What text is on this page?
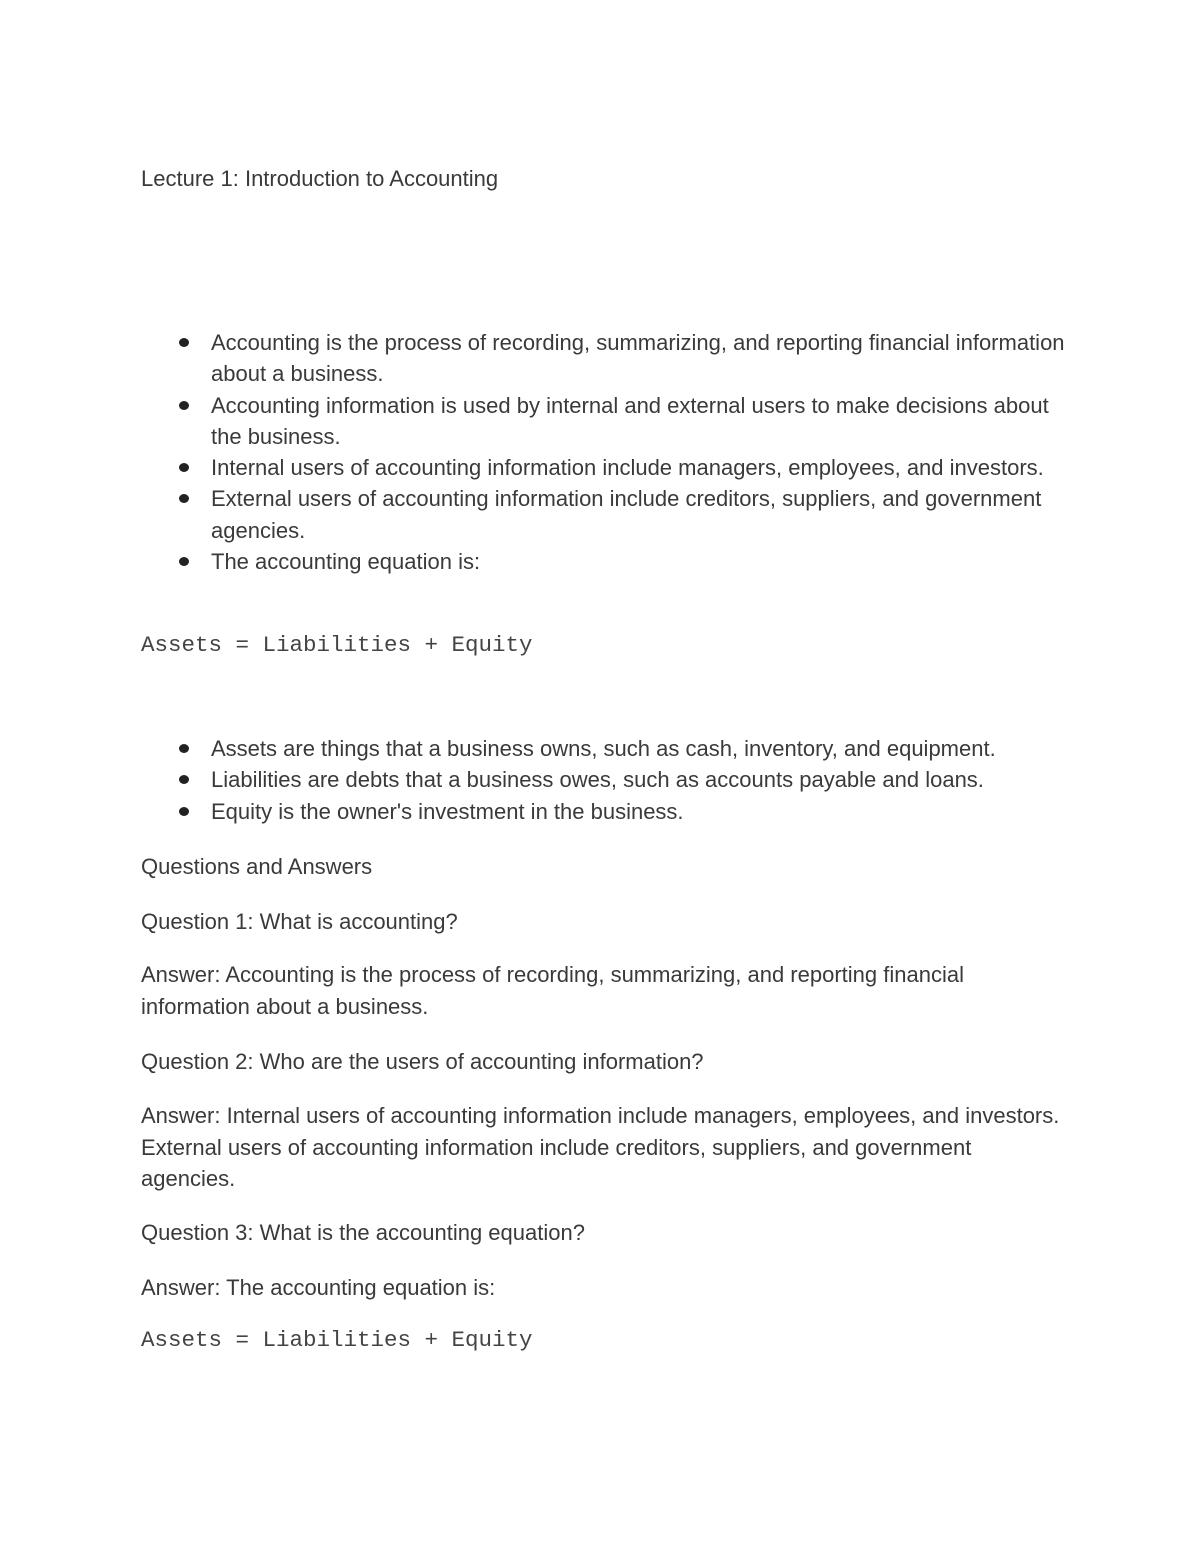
Lecture 1: Introduction to Accounting
Accounting is the process of recording, summarizing, and reporting financial information about a business.
Accounting information is used by internal and external users to make decisions about the business.
Internal users of accounting information include managers, employees, and investors.
External users of accounting information include creditors, suppliers, and government agencies.
The accounting equation is:
Assets = Liabilities + Equity
Assets are things that a business owns, such as cash, inventory, and equipment.
Liabilities are debts that a business owes, such as accounts payable and loans.
Equity is the owner's investment in the business.
Questions and Answers
Question 1: What is accounting?
Answer: Accounting is the process of recording, summarizing, and reporting financial information about a business.
Question 2: Who are the users of accounting information?
Answer: Internal users of accounting information include managers, employees, and investors. External users of accounting information include creditors, suppliers, and government agencies.
Question 3: What is the accounting equation?
Answer: The accounting equation is:
Assets = Liabilities + Equity
